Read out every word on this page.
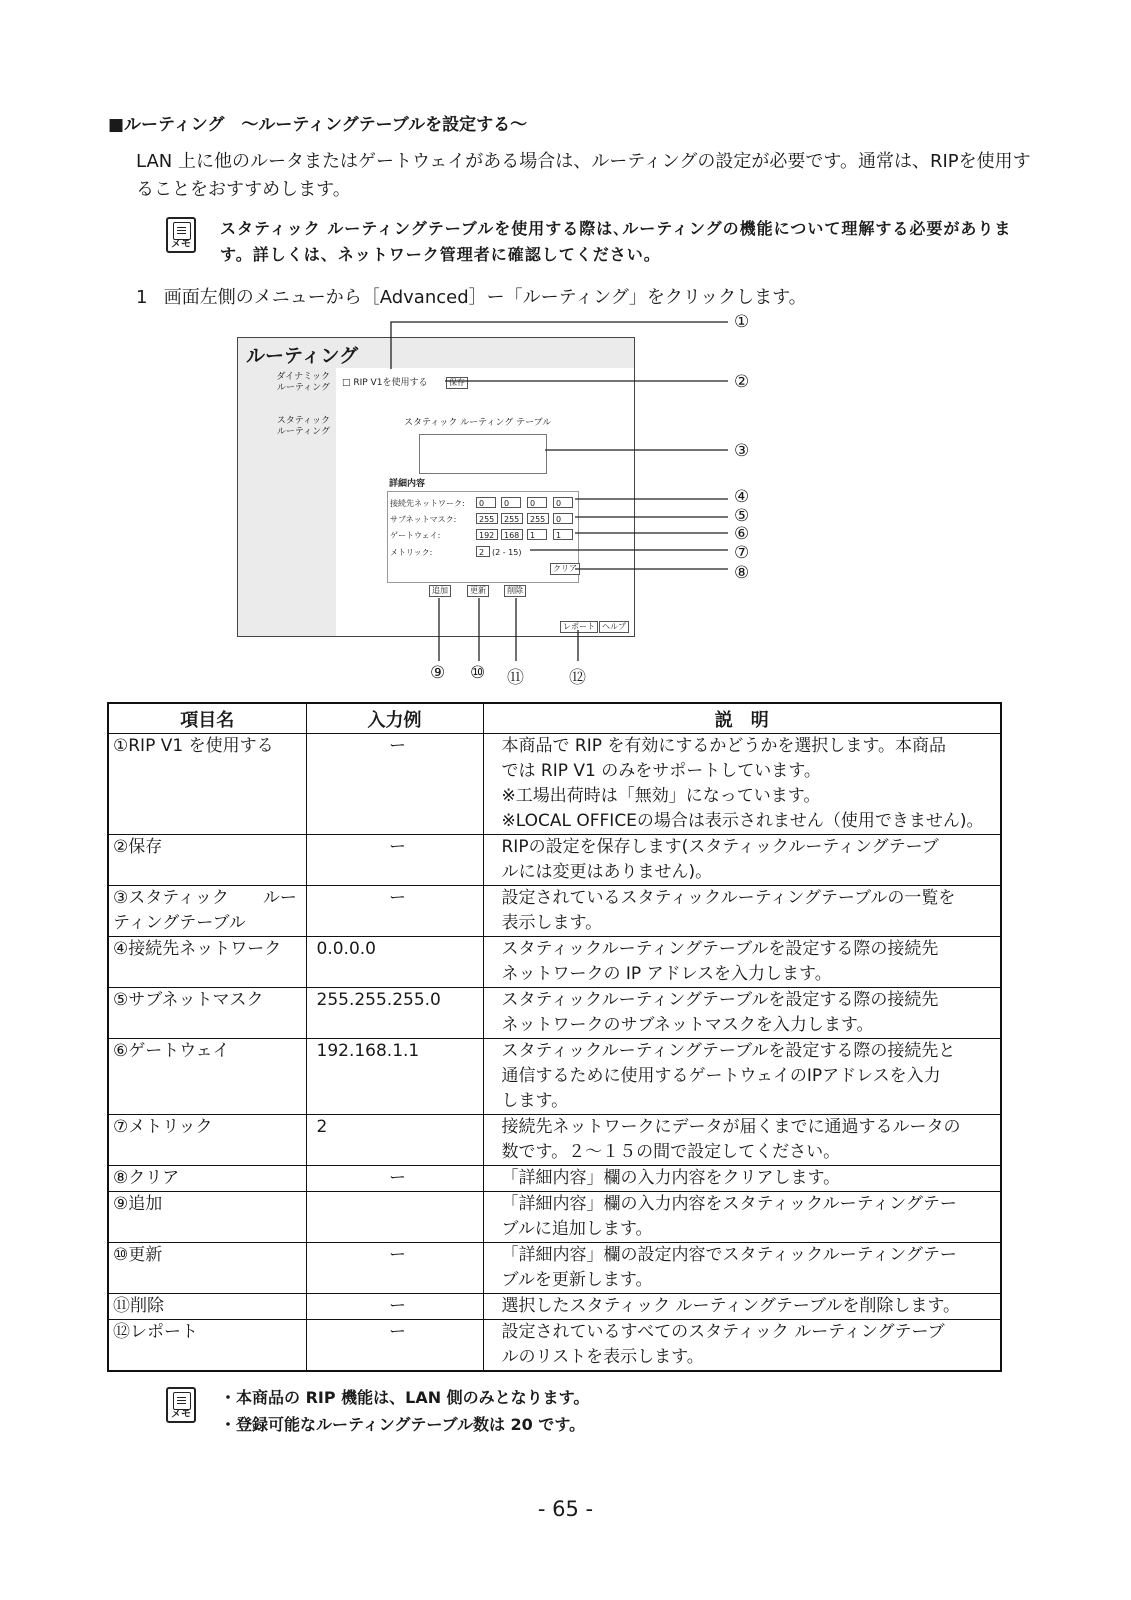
■ルーティング　〜ルーティングテーブルを設定する〜
LAN 上に他のルータまたはゲートウェイがある場合は、ルーティングの設定が必要です。通常は、RIPを使用することをおすすめします。
メモ
スタティック ルーティングテーブルを使用する際は､ルーティングの機能について理解する必要があります。詳しくは、ネットワーク管理者に確認してください。
1 画面左側のメニューから［Advanced］ー「ルーティング」をクリックします。
ルーティング
ダイナミック
ルーティング □ RIP V1を使用する	保存
スタティック
ルーティング
スタティック ルーティング テーブル
詳細内容
接続先ネットワーク:	0	0	0	0
サブネットマスク:	255	255	255	0
ゲートウェイ:	192	168	1	1
メトリック:	2 (2 - 15)
クリア
追加	更新	削除
レポート ヘルプ
①
②
③
④
⑤
⑥
⑦
⑧
⑨ ⑩ ⑪	⑫
項目名	入力例	説　明
①RIP V1 を使用する	ー	本商品で RIP を有効にするかどうかを選択します。本商品
では RIP V1 のみをサポートしています。
※工場出荷時は「無効」になっています。
※LOCAL OFFICEの場合は表示されません（使用できません)。

②保存	ー	RIPの設定を保存します(スタティックルーティングテーブ
ルには変更はありません)。

③スタティック　　ルーティングテーブル	ー	設定されているスタティックルーティングテーブルの一覧を
表示します。

④接続先ネットワーク	0.0.0.0	スタティックルーティングテーブルを設定する際の接続先
ネットワークの IP アドレスを入力します。

⑤サブネットマスク	255.255.255.0	スタティックルーティングテーブルを設定する際の接続先
ネットワークのサブネットマスクを入力します。

⑥ゲートウェイ	192.168.1.1	スタティックルーティングテーブルを設定する際の接続先と
通信するために使用するゲートウェイのIPアドレスを入力
します。

⑦メトリック	2	接続先ネットワークにデータが届くまでに通過するルータの
数です。２〜１５の間で設定してください。

⑧クリア	ー	「詳細内容」欄の入力内容をクリアします。

⑨追加		「詳細内容」欄の入力内容をスタティックルーティングテー
ブルに追加します。

⑩更新	ー	「詳細内容」欄の設定内容でスタティックルーティングテー
ブルを更新します。

⑪削除	ー	選択したスタティック ルーティングテーブルを削除します。

⑫レポート	ー	設定されているすべてのスタティック ルーティングテーブ
ルのリストを表示します。
メモ
・本商品の RIP 機能は、LAN 側のみとなります。
・登録可能なルーティングテーブル数は 20 です。
- 65 -
